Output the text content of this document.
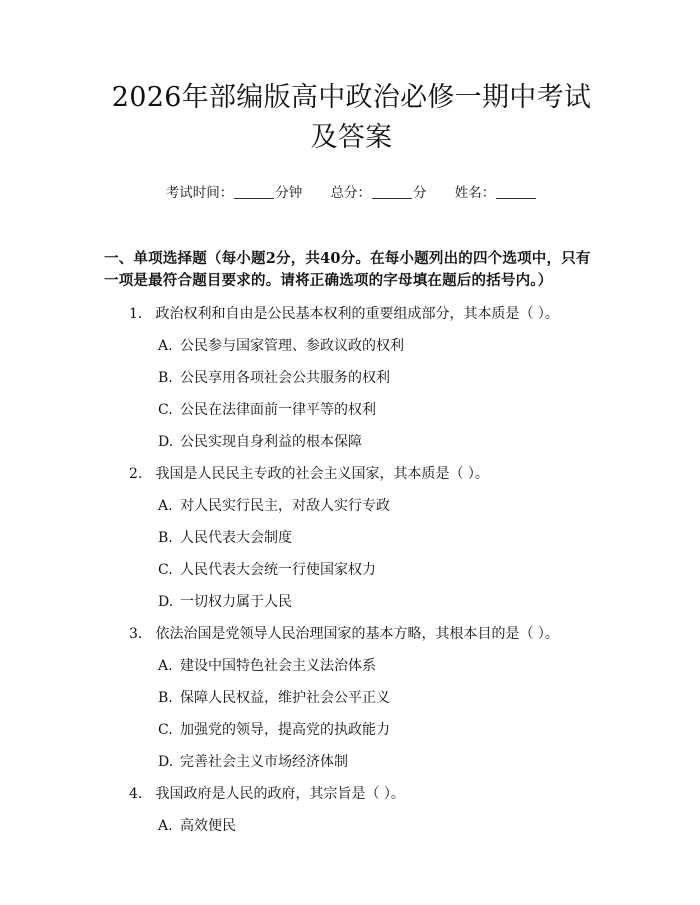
2026年部编版高中政治必修一期中考试及答案
考试时间：	分钟 总分：	分 姓名：
一、单项选择题（每小题2分，共40分。在每小题列出的四个选项中，只有一项是最符合题目要求的。请将正确选项的字母填在题后的括号内。）
1. 政治权利和自由是公民基本权利的重要组成部分，其本质是（ ）。
A. 公民参与国家管理、参政议政的权利
B. 公民享用各项社会公共服务的权利
C. 公民在法律面前一律平等的权利
D. 公民实现自身利益的根本保障
2. 我国是人民民主专政的社会主义国家，其本质是（ ）。
A. 对人民实行民主，对敌人实行专政
B. 人民代表大会制度
C. 人民代表大会统一行使国家权力
D. 一切权力属于人民
3. 依法治国是党领导人民治理国家的基本方略，其根本目的是（ ）。
A. 建设中国特色社会主义法治体系
B. 保障人民权益，维护社会公平正义
C. 加强党的领导，提高党的执政能力
D. 完善社会主义市场经济体制
4. 我国政府是人民的政府，其宗旨是（ ）。
A. 高效便民
